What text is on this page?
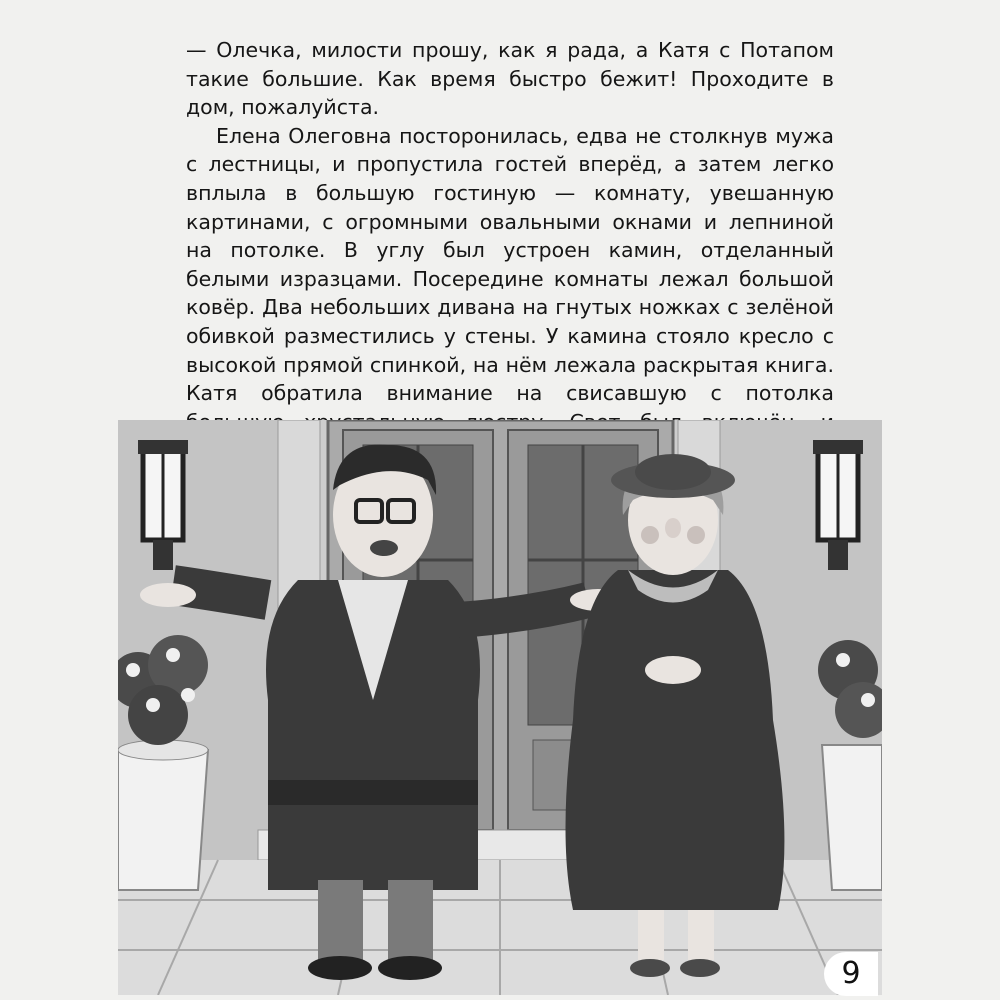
— Олечка, милости прошу, как я рада, а Катя с Потапом такие большие. Как время быстро бежит! Проходите в дом, пожалуйста.

Елена Олеговна посторонилась, едва не столкнув мужа с лестницы, и пропустила гостей вперёд, а затем легко вплыла в большую гостиную — комнату, увешанную картинами, с огромными овальными окнами и лепниной на потолке. В углу был устроен камин, отделанный белыми изразцами. Посередине комнаты лежал большой ковёр. Два небольших дивана на гнутых ножках с зелёной обивкой разместились у стены. У камина стояло кресло с высокой прямой спинкой, на нём лежала раскрытая книга. Катя обратила внимание на свисавшую с потолка

9
